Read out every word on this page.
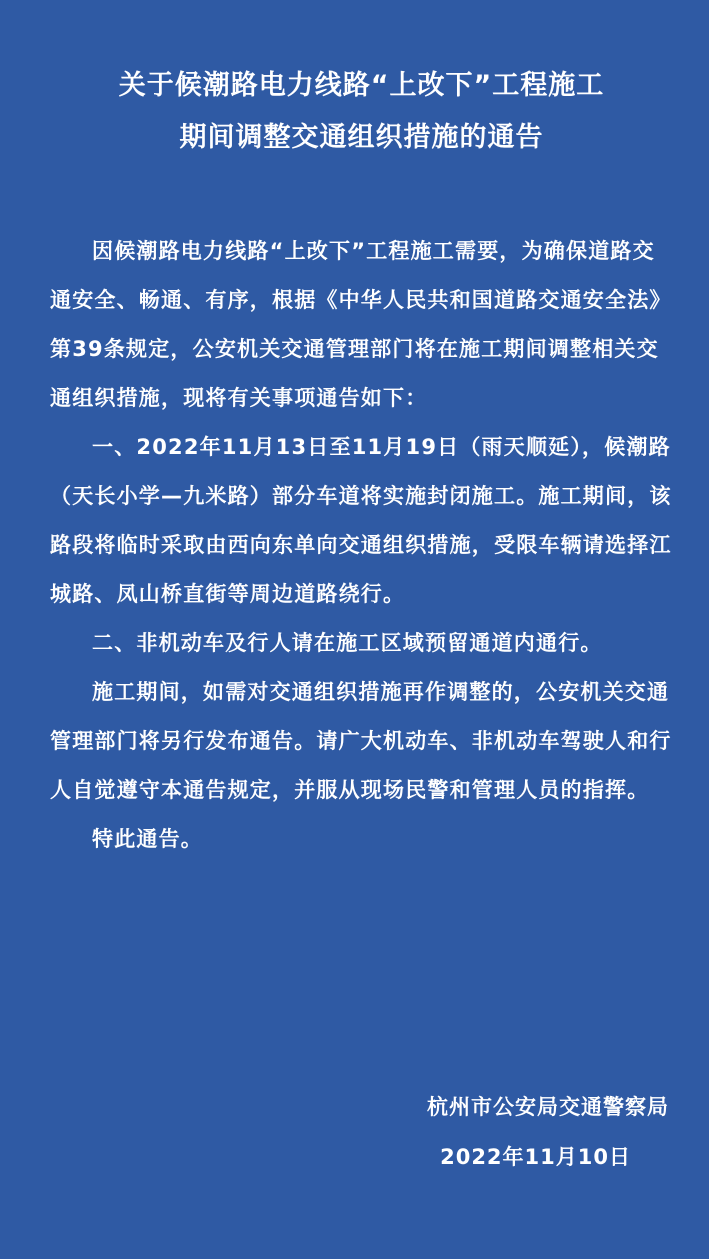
关于候潮路电力线路“上改下”工程施工
期间调整交通组织措施的通告

因候潮路电力线路“上改下”工程施工需要，为确保道路交通安全、畅通、有序，根据《中华人民共和国道路交通安全法》第39条规定，公安机关交通管理部门将在施工期间调整相关交通组织措施，现将有关事项通告如下：

一、2022年11月13日至11月19日（雨天顺延），候潮路（天长小学—九米路）部分车道将实施封闭施工。施工期间，该路段将临时采取由西向东单向交通组织措施，受限车辆请选择江城路、凤山桥直街等周边道路绕行。

二、非机动车及行人请在施工区域预留通道内通行。

施工期间，如需对交通组织措施再作调整的，公安机关交通管理部门将另行发布通告。请广大机动车、非机动车驾驶人和行人自觉遵守本通告规定，并服从现场民警和管理人员的指挥。

特此通告。

杭州市公安局交通警察局
2022年11月10日
